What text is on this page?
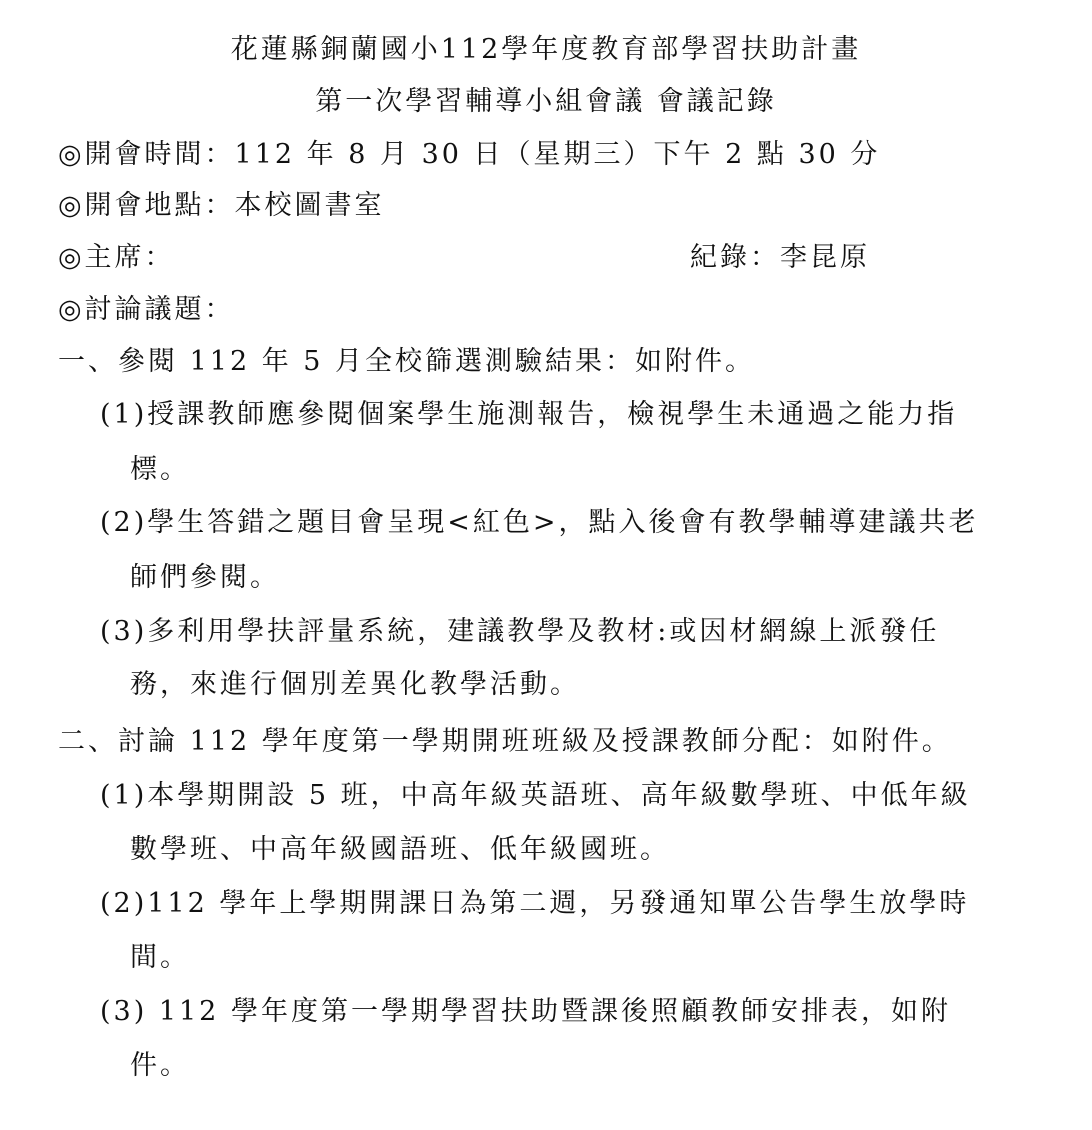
花蓮縣銅蘭國小112學年度教育部學習扶助計畫
第一次學習輔導小組會議 會議記錄
◎開會時間：112 年 8 月 30 日（星期三）下午 2 點 30 分
◎開會地點：本校圖書室
◎主席：	紀錄：李昆原
◎討論議題：
一、參閱 112 年 5 月全校篩選測驗結果：如附件。
(1)授課教師應參閱個案學生施測報告，檢視學生未通過之能力指
標。
(2)學生答錯之題目會呈現<紅色>，點入後會有教學輔導建議共老
師們參閱。
(3)多利用學扶評量系統，建議教學及教材:或因材網線上派發任
務，來進行個別差異化教學活動。
二、討論 112 學年度第一學期開班班級及授課教師分配：如附件。
(1)本學期開設 5 班，中高年級英語班、高年級數學班、中低年級
數學班、中高年級國語班、低年級國班。
(2)112 學年上學期開課日為第二週，另發通知單公告學生放學時
間。
(3) 112 學年度第一學期學習扶助暨課後照顧教師安排表，如附
件。
